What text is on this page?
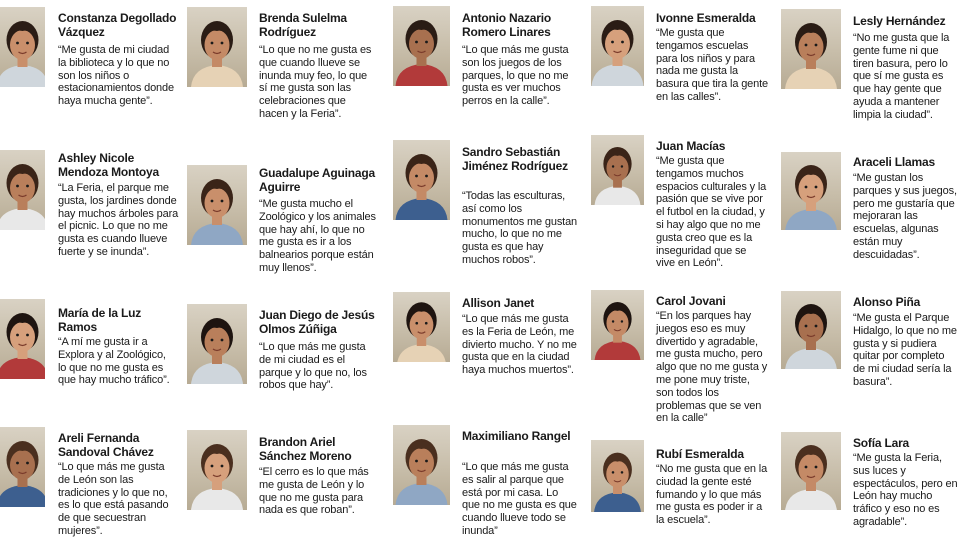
Constanza Degollado Vázquez
“Me gusta de mi ciudad la biblioteca y lo que no son los niños o estacionamientos donde haya mucha gente”.
Ashley Nicole Mendoza Montoya
“La Feria, el parque me gusta, los jardines donde hay muchos árboles para el picnic. Lo que no me gusta es cuando llueve fuerte y se inunda”.
María de la Luz Ramos
“A mí me gusta ir a Explora y al Zoológico, lo que no me gusta es que hay mucho tráfico”.
Areli Fernanda Sandoval Chávez
“Lo que más me gusta de León son las tradiciones y lo que no, es lo que está pasando de que secuestran mujeres”.
Brenda Sulelma Rodríguez
“Lo que no me gusta es que cuando llueve se inunda muy feo, lo que sí me gusta son las celebraciones que hacen y la Feria”.
Guadalupe Aguinaga Aguirre
“Me gusta mucho el Zoológico y los animales que hay ahí, lo que no me gusta es ir a los balnearios porque están muy llenos”.
Juan Diego de Jesús Olmos Zúñiga
“Lo que más me gusta de mi ciudad es el parque y lo que no, los robos que hay”.
Brandon Ariel Sánchez Moreno
“El cerro es lo que más me gusta de León y lo que no me gusta para nada es que roban”.
Antonio Nazario Romero Linares
“Lo que más me gusta son los juegos de los parques, lo que no me gusta es ver muchos perros en la calle”.
Sandro Sebastián Jiménez Rodríguez
“Todas las esculturas, así como los monumentos me gustan mucho, lo que no me gusta es que hay muchos robos”.
Allison Janet
“Lo que más me gusta es la Feria de León, me divierto mucho. Y no me gusta que en la ciudad haya muchos muertos”.
Maximiliano Rangel
“Lo que más me gusta es salir al parque que está por mi casa. Lo que no me gusta es que cuando llueve todo se inunda”
Ivonne Esmeralda
“Me gusta que tengamos escuelas para los niños y para nada me gusta la basura que tira la gente en las calles”.
Juan Macías
“Me gusta que tengamos muchos espacios culturales y la pasión que se vive por el futbol en la ciudad, y si hay algo que no me gusta creo que es la inseguridad que se vive en León”.
Carol Jovani
“En los parques hay juegos eso es muy divertido y agradable, me gusta mucho, pero algo que no me gusta y me pone muy triste, son todos los problemas que se ven en la calle”
Rubí Esmeralda
“No me gusta que en la ciudad la gente esté fumando y lo que más me gusta es poder ir a la escuela”.
Lesly Hernández
“No me gusta que la gente fume ni que tiren basura, pero lo que sí me gusta es que hay gente que ayuda a mantener limpia la ciudad”.
Araceli Llamas
“Me gustan los parques y sus juegos, pero me gustaría que mejoraran las escuelas, algunas están muy descuidadas”.
Alonso Piña
“Me gusta el Parque Hidalgo, lo que no me gusta y si pudiera quitar por completo de mi ciudad sería la basura”.
Sofía Lara
“Me gusta la Feria, sus luces y espectáculos, pero en León hay mucho tráfico y eso no es agradable”.
